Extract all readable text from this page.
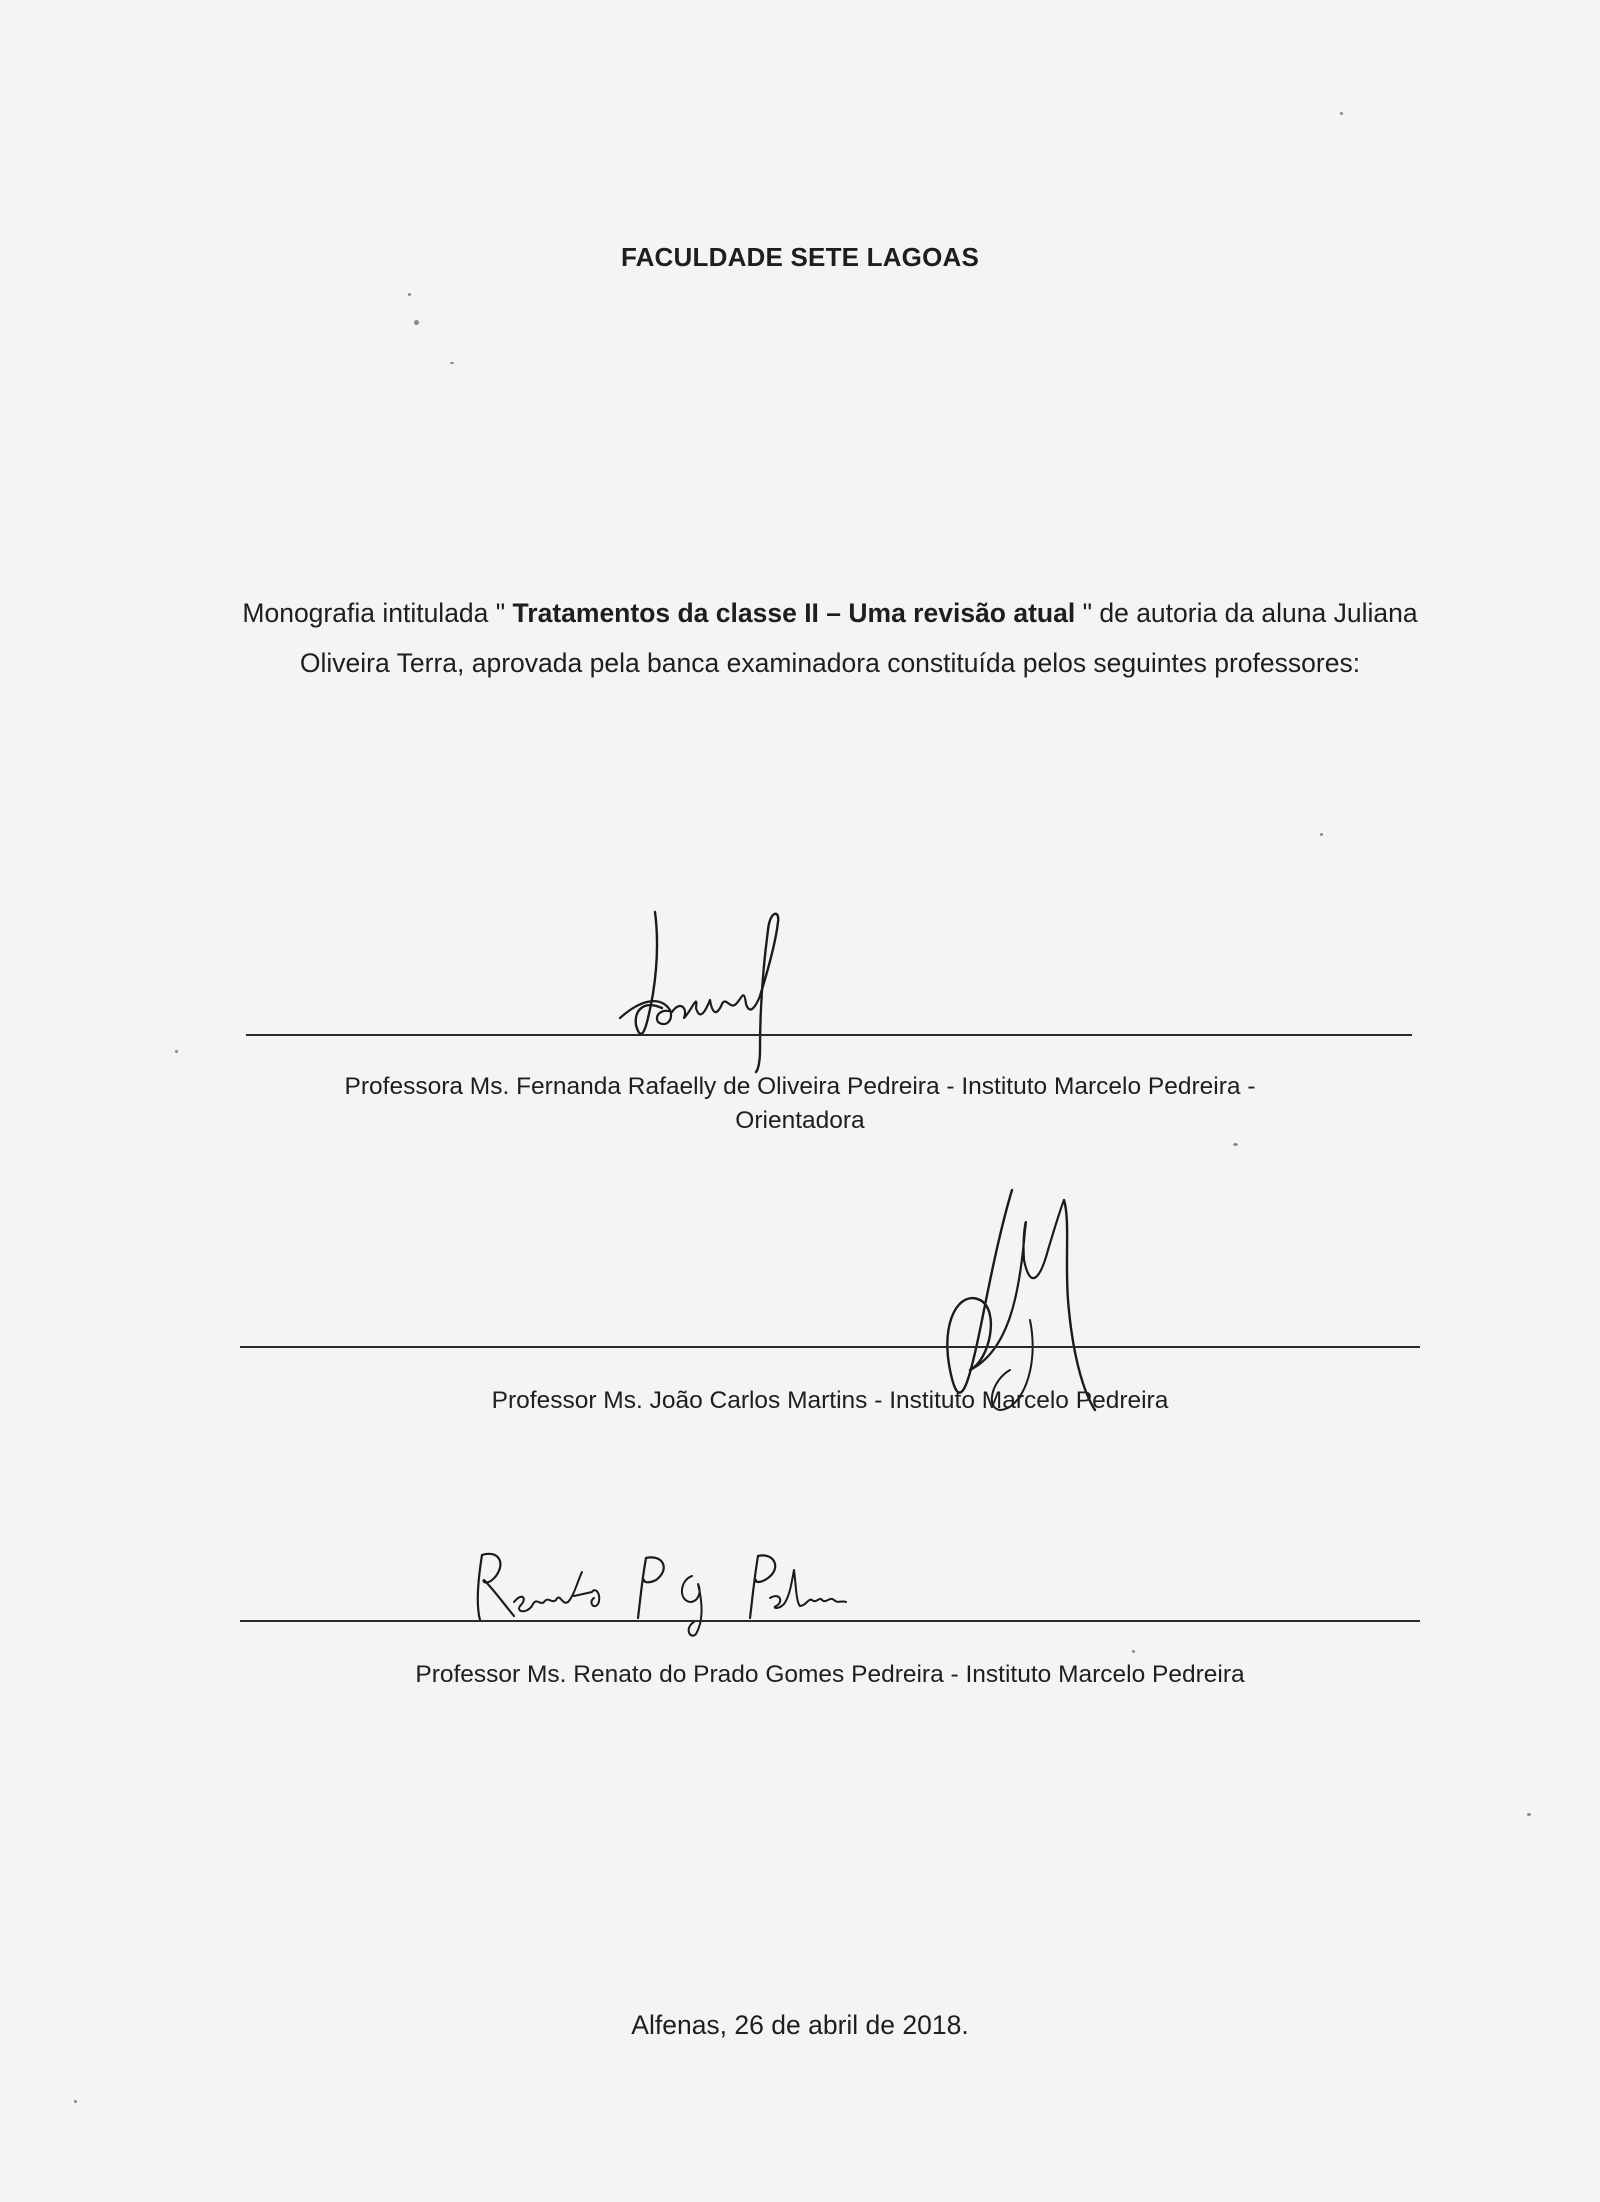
FACULDADE SETE LAGOAS
Monografia intitulada " Tratamentos da classe II – Uma revisão atual " de autoria da aluna Juliana Oliveira Terra, aprovada pela banca examinadora constituída pelos seguintes professores:
Professora Ms. Fernanda Rafaelly de Oliveira Pedreira - Instituto Marcelo Pedreira -
Orientadora
Professor Ms. João Carlos Martins - Instituto Marcelo Pedreira
Professor Ms. Renato do Prado Gomes Pedreira - Instituto Marcelo Pedreira
Alfenas, 26 de abril de 2018.
